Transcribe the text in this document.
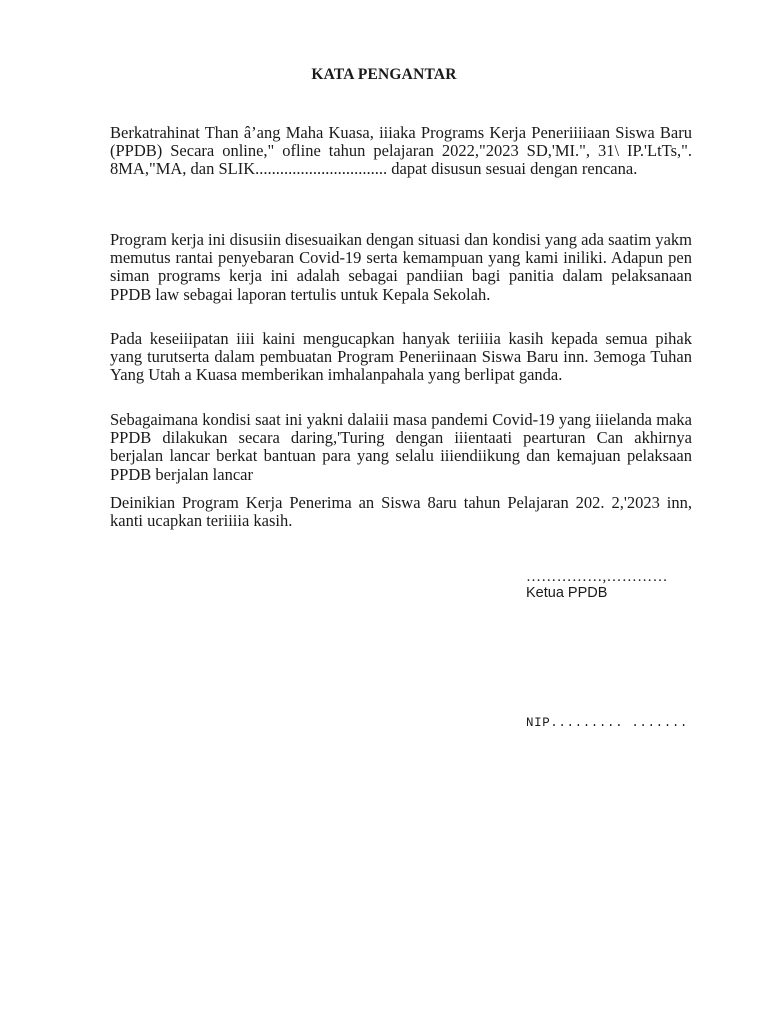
KATA PENGANTAR
Berkatrahinat Than â’ang Maha Kuasa, iiiaka Programs Kerja Peneriiiiaan Siswa Baru (PPDB) Secara online," ofline tahun pelajaran 2022,"2023 SD,'MI.", 31\ IP.'LtTs,". 8MA,"MA, dan SLIK................................ dapat disusun sesuai dengan rencana.
Program kerja ini disusiin disesuaikan dengan situasi dan kondisi yang ada saatim yakm memutus rantai penyebaran Covid-19 serta kemampuan yang kami iniliki. Adapun pen siman programs kerja ini adalah sebagai pandiian bagi panitia dalam pelaksanaan PPDB law sebagai laporan tertulis untuk Kepala Sekolah.
Pada keseiiipatan iiii kaini mengucapkan hanyak teriiiia kasih kepada semua pihak yang turutserta dalam pembuatan Program Peneriinaan Siswa Baru inn. 3emoga Tuhan Yang Utah a Kuasa memberikan imhalanpahala yang berlipat ganda.
Sebagaimana kondisi saat ini yakni dalaiii masa pandemi Covid-19 yang iiielanda maka PPDB dilakukan secara daring,'Turing dengan iiientaati pearturan Can akhirnya berjalan lancar berkat bantuan para yang selalu iiiendiikung dan kemajuan pelaksaan PPDB berjalan lancar
Deinikian Program Kerja Penerima an Siswa 8aru tahun Pelajaran 202. 2,'2023 inn, kanti ucapkan teriiiia kasih.
……………,…………
Ketua PPDB
NIP......... .......
